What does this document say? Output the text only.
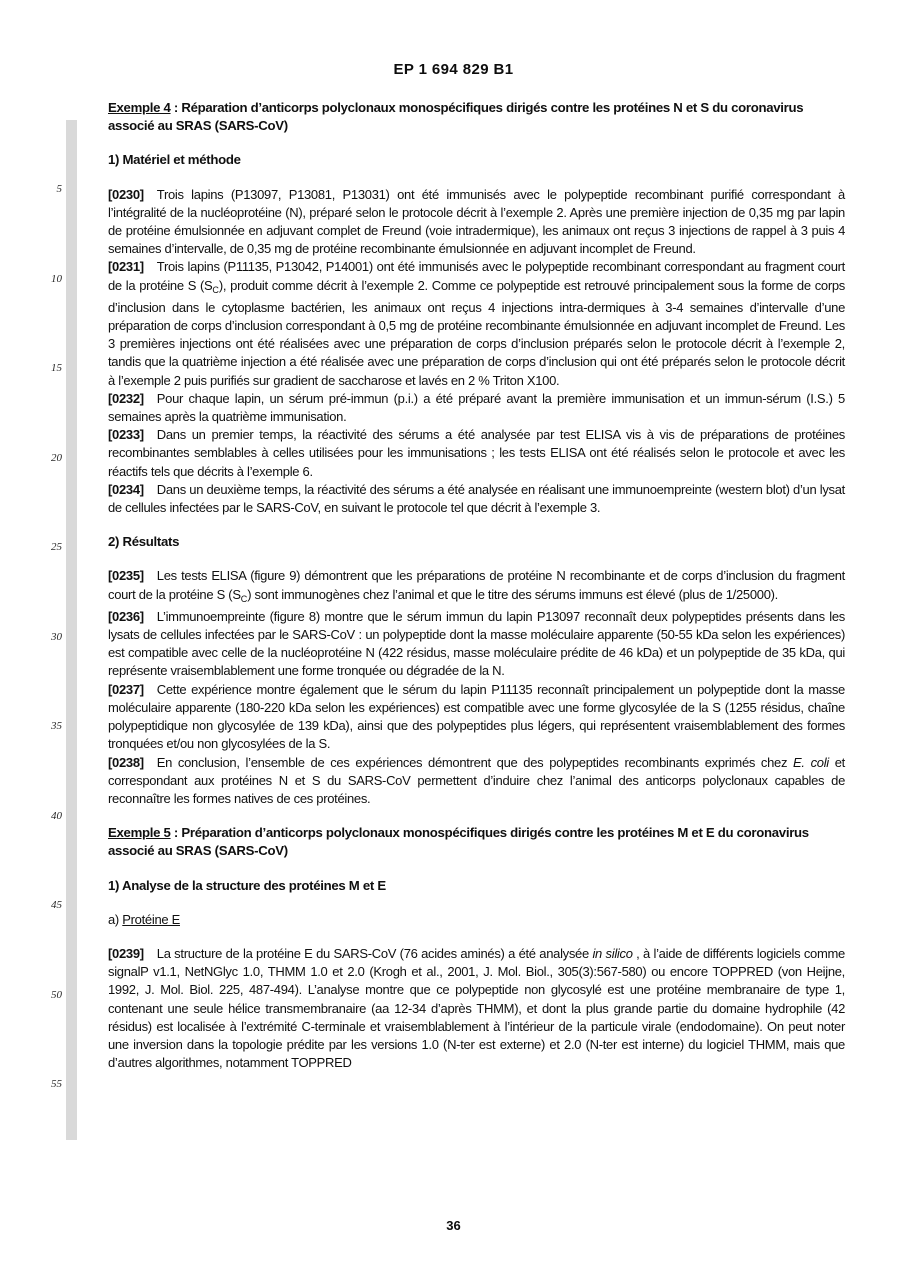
EP 1 694 829 B1
5
10
15
20
25
30
35
40
45
50
55
Exemple 4 : Réparation d’anticorps polyclonaux monospécifiques dirigés contre les protéines N et S du coronavirus associé au SRAS (SARS-CoV)
1) Matériel et méthode
[0230] Trois lapins (P13097, P13081, P13031) ont été immunisés avec le polypeptide recombinant purifié correspondant à l’intégralité de la nucléoprotéine (N), préparé selon le protocole décrit à l’exemple 2. Après une première injection de 0,35 mg par lapin de protéine émulsionnée en adjuvant complet de Freund (voie intradermique), les animaux ont reçus 3 injections de rappel à 3 puis 4 semaines d’intervalle, de 0,35 mg de protéine recombinante émulsionnée en adjuvant incomplet de Freund.
[0231] Trois lapins (P11135, P13042, P14001) ont été immunisés avec le polypeptide recombinant correspondant au fragment court de la protéine S $(S_C)$, produit comme décrit à l’exemple 2. Comme ce polypeptide est retrouvé principalement sous la forme de corps d’inclusion dans le cytoplasme bactérien, les animaux ont reçus 4 injections intra-dermiques à 3-4 semaines d’intervalle d’une préparation de corps d’inclusion correspondant à 0,5 mg de protéine recombinante émulsionnée en adjuvant incomplet de Freund. Les 3 premières injections ont été réalisées avec une préparation de corps d’inclusion préparés selon le protocole décrit à l’exemple 2, tandis que la quatrième injection a été réalisée avec une préparation de corps d’inclusion qui ont été préparés selon le protocole décrit à l’exemple 2 puis purifiés sur gradient de saccharose et lavés en 2 % Triton X100.
[0232] Pour chaque lapin, un sérum pré-immun (p.i.) a été préparé avant la première immunisation et un immun-sérum (I.S.) 5 semaines après la quatrième immunisation.
[0233] Dans un premier temps, la réactivité des sérums a été analysée par test ELISA vis à vis de préparations de protéines recombinantes semblables à celles utilisées pour les immunisations ; les tests ELISA ont été réalisés selon le protocole et avec les réactifs tels que décrits à l’exemple 6.
[0234] Dans un deuxième temps, la réactivité des sérums a été analysée en réalisant une immunoempreinte (western blot) d’un lysat de cellules infectées par le SARS-CoV, en suivant le protocole tel que décrit à l’exemple 3.
2) Résultats
[0235] Les tests ELISA (figure 9) démontrent que les préparations de protéine N recombinante et de corps d’inclusion du fragment court de la protéine S $(S_C)$ sont immunogènes chez l’animal et que le titre des sérums immuns est élevé (plus de 1/25000).
[0236] L’immunoempreinte (figure 8) montre que le sérum immun du lapin P13097 reconnaît deux polypeptides présents dans les lysats de cellules infectées par le SARS-CoV : un polypeptide dont la masse moléculaire apparente (50-55 kDa selon les expériences) est compatible avec celle de la nucléoprotéine N (422 résidus, masse moléculaire prédite de 46 kDa) et un polypeptide de 35 kDa, qui représente vraisemblablement une forme tronquée ou dégradée de la N.
[0237] Cette expérience montre également que le sérum du lapin P11135 reconnaît principalement un polypeptide dont la masse moléculaire apparente (180-220 kDa selon les expériences) est compatible avec une forme glycosylée de la S (1255 résidus, chaîne polypeptidique non glycosylée de 139 kDa), ainsi que des polypeptides plus légers, qui représentent vraisemblablement des formes tronquées et/ou non glycosylées de la S.
[0238] En conclusion, l’ensemble de ces expériences démontrent que des polypeptides recombinants exprimés chez E. coli et correspondant aux protéines N et S du SARS-CoV permettent d’induire chez l’animal des anticorps polyclonaux capables de reconnaître les formes natives de ces protéines.
Exemple 5 : Préparation d’anticorps polyclonaux monospécifiques dirigés contre les protéines M et E du coronavirus associé au SRAS (SARS-CoV)
1) Analyse de la structure des protéines M et E
a) Protéine E
[0239] La structure de la protéine E du SARS-CoV (76 acides aminés) a été analysée in silico , à l’aide de différents logiciels comme signalP v1.1, NetNGlyc 1.0, THMM 1.0 et 2.0 (Krogh et al., 2001, J. Mol. Biol., 305(3):567-580) ou encore TOPPRED (von Heijne, 1992, J. Mol. Biol. 225, 487-494). L’analyse montre que ce polypeptide non glycosylé est une protéine membranaire de type 1, contenant une seule hélice transmembranaire (aa 12-34 d’après THMM), et dont la plus grande partie du domaine hydrophile (42 résidus) est localisée à l’extrémité C-terminale et vraisemblablement à l’intérieur de la particule virale (endodomaine). On peut noter une inversion dans la topologie prédite par les versions 1.0 (N-ter est externe) et 2.0 (N-ter est interne) du logiciel THMM, mais que d’autres algorithmes, notamment TOPPRED
36
